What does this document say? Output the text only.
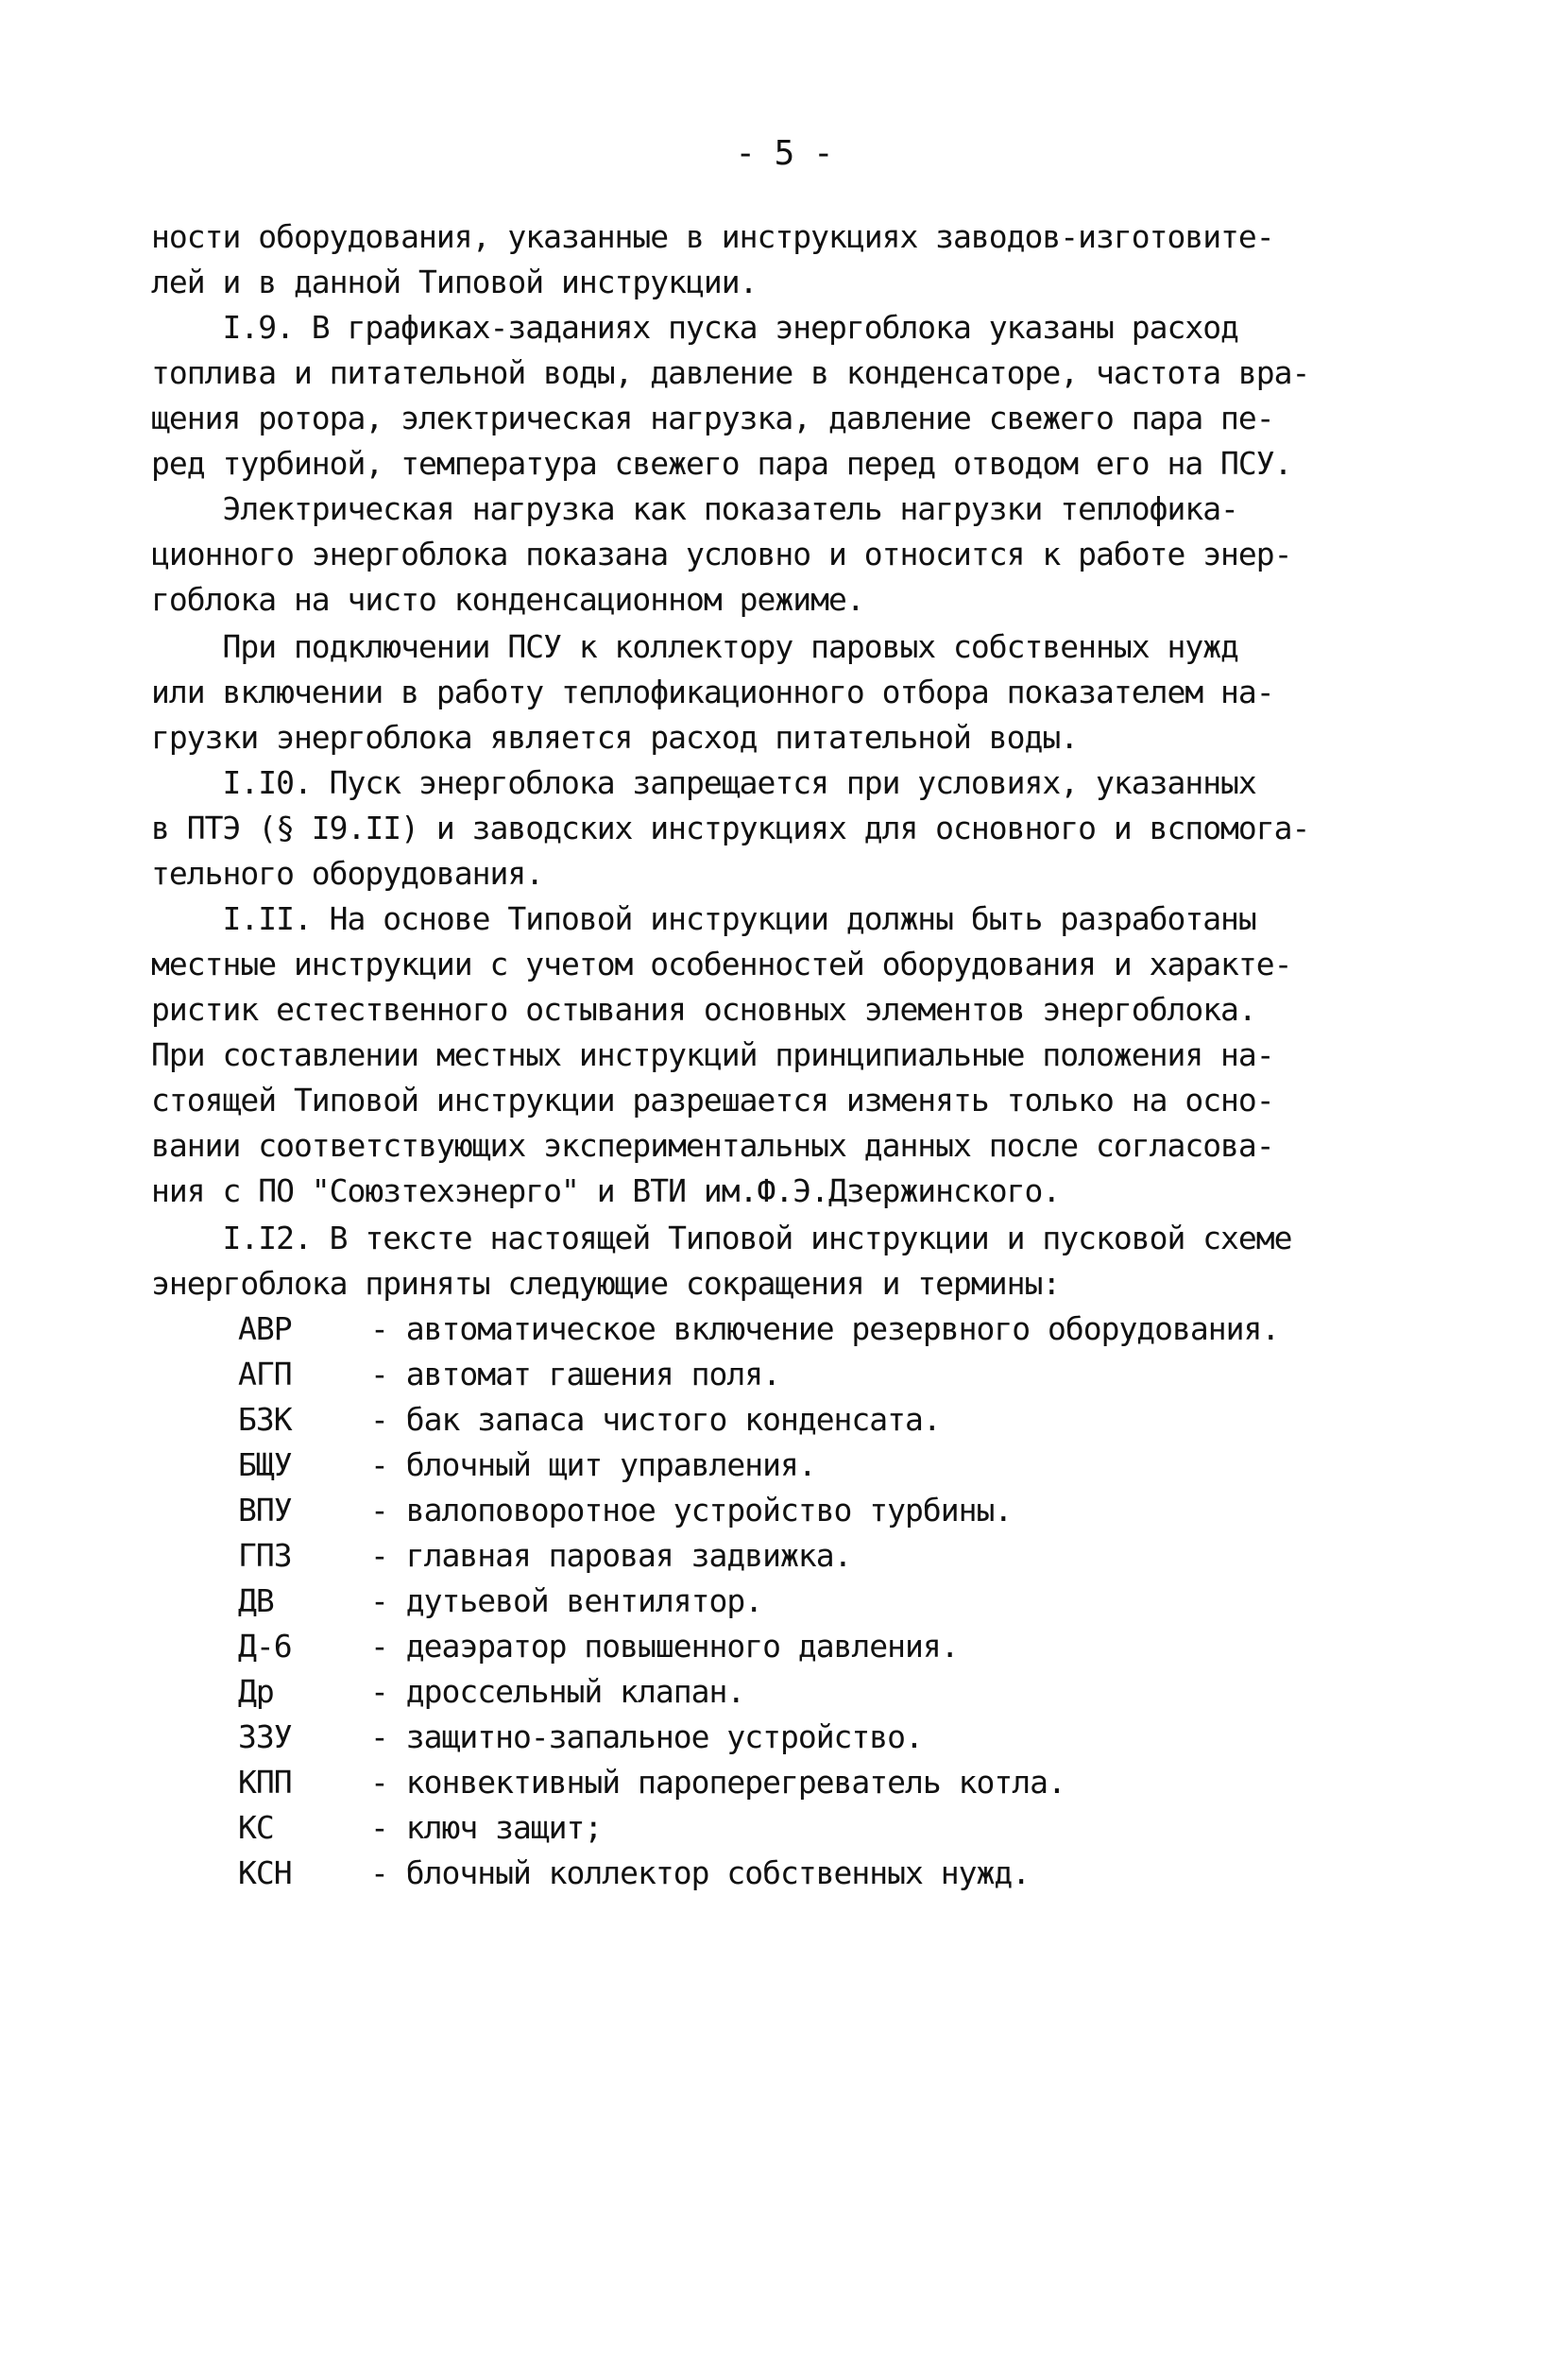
- 5 -
ности оборудования, указанные в инструкциях заводов-изготовите-
лей и в данной Типовой инструкции.
I.9. В графиках-заданиях пуска энергоблока указаны расход
топлива и питательной воды, давление в конденсаторе, частота вра-
щения ротора, электрическая нагрузка, давление свежего пара пе-
ред турбиной, температура свежего пара перед отводом его на ПСУ.
Электрическая нагрузка как показатель нагрузки теплофика-
ционного энергоблока показана условно и относится к работе энер-
гоблока на чисто конденсационном режиме.
При подключении ПСУ к коллектору паровых собственных нужд
или включении в работу теплофикационного отбора показателем на-
грузки энергоблока является расход питательной воды.
I.I0. Пуск энергоблока запрещается при условиях, указанных
в ПТЭ (§ I9.II) и заводских инструкциях для основного и вспомога-
тельного оборудования.
I.II. На основе Типовой инструкции должны быть разработаны
местные инструкции с учетом особенностей оборудования и характе-
ристик естественного остывания основных элементов энергоблока.
При составлении местных инструкций принципиальные положения на-
стоящей Типовой инструкции разрешается изменять только на осно-
вании соответствующих экспериментальных данных после согласова-
ния с ПО "Союзтехэнерго" и ВТИ им.Ф.Э.Дзержинского.
I.I2. В тексте настоящей Типовой инструкции и пусковой схеме
энергоблока приняты следующие сокращения и термины:
АВР	- автоматическое включение резервного оборудования.
АГП	- автомат гашения поля.
БЗК	- бак запаса чистого конденсата.
БЩУ	- блочный щит управления.
ВПУ	- валоповоротное устройство турбины.
ГПЗ	- главная паровая задвижка.
ДВ	- дутьевой вентилятор.
Д-6	- деаэратор повышенного давления.
Др	- дроссельный клапан.
ЗЗУ	- защитно-запальное устройство.
КПП	- конвективный пароперегреватель котла.
КС	- ключ защит;
КСН	- блочный коллектор собственных нужд.
